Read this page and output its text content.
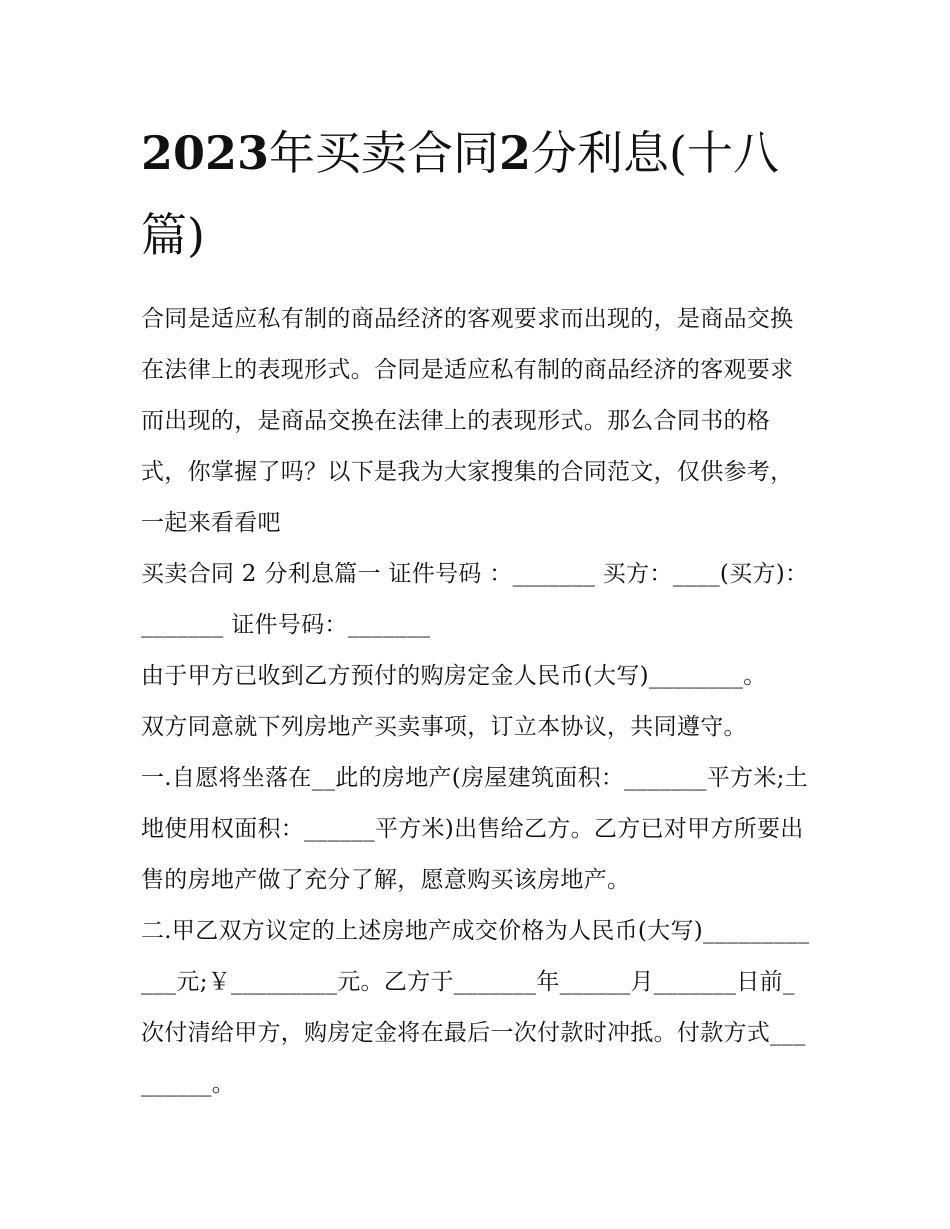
2023年买卖合同2分利息(十八篇)

合同是适应私有制的商品经济的客观要求而出现的，是商品交换在法律上的表现形式。合同是适应私有制的商品经济的客观要求而出现的，是商品交换在法律上的表现形式。那么合同书的格式，你掌握了吗？以下是我为大家搜集的合同范文，仅供参考，一起来看看吧

买卖合同 2 分利息篇一 证件号码 ：_______ 买方：____(买方)：_______ 证件号码：_______

由于甲方已收到乙方预付的购房定金人民币(大写)________。

双方同意就下列房地产买卖事项，订立本协议，共同遵守。

一.自愿将坐落在__此的房地产(房屋建筑面积：_______平方米;土地使用权面积：______平方米)出售给乙方。乙方已对甲方所要出售的房地产做了充分了解，愿意购买该房地产。

二.甲乙双方议定的上述房地产成交价格为人民币(大写)____________元;￥_________元。乙方于_______年______月_______日前_ 次付清给甲方，购房定金将在最后一次付款时冲抵。付款方式_________。
